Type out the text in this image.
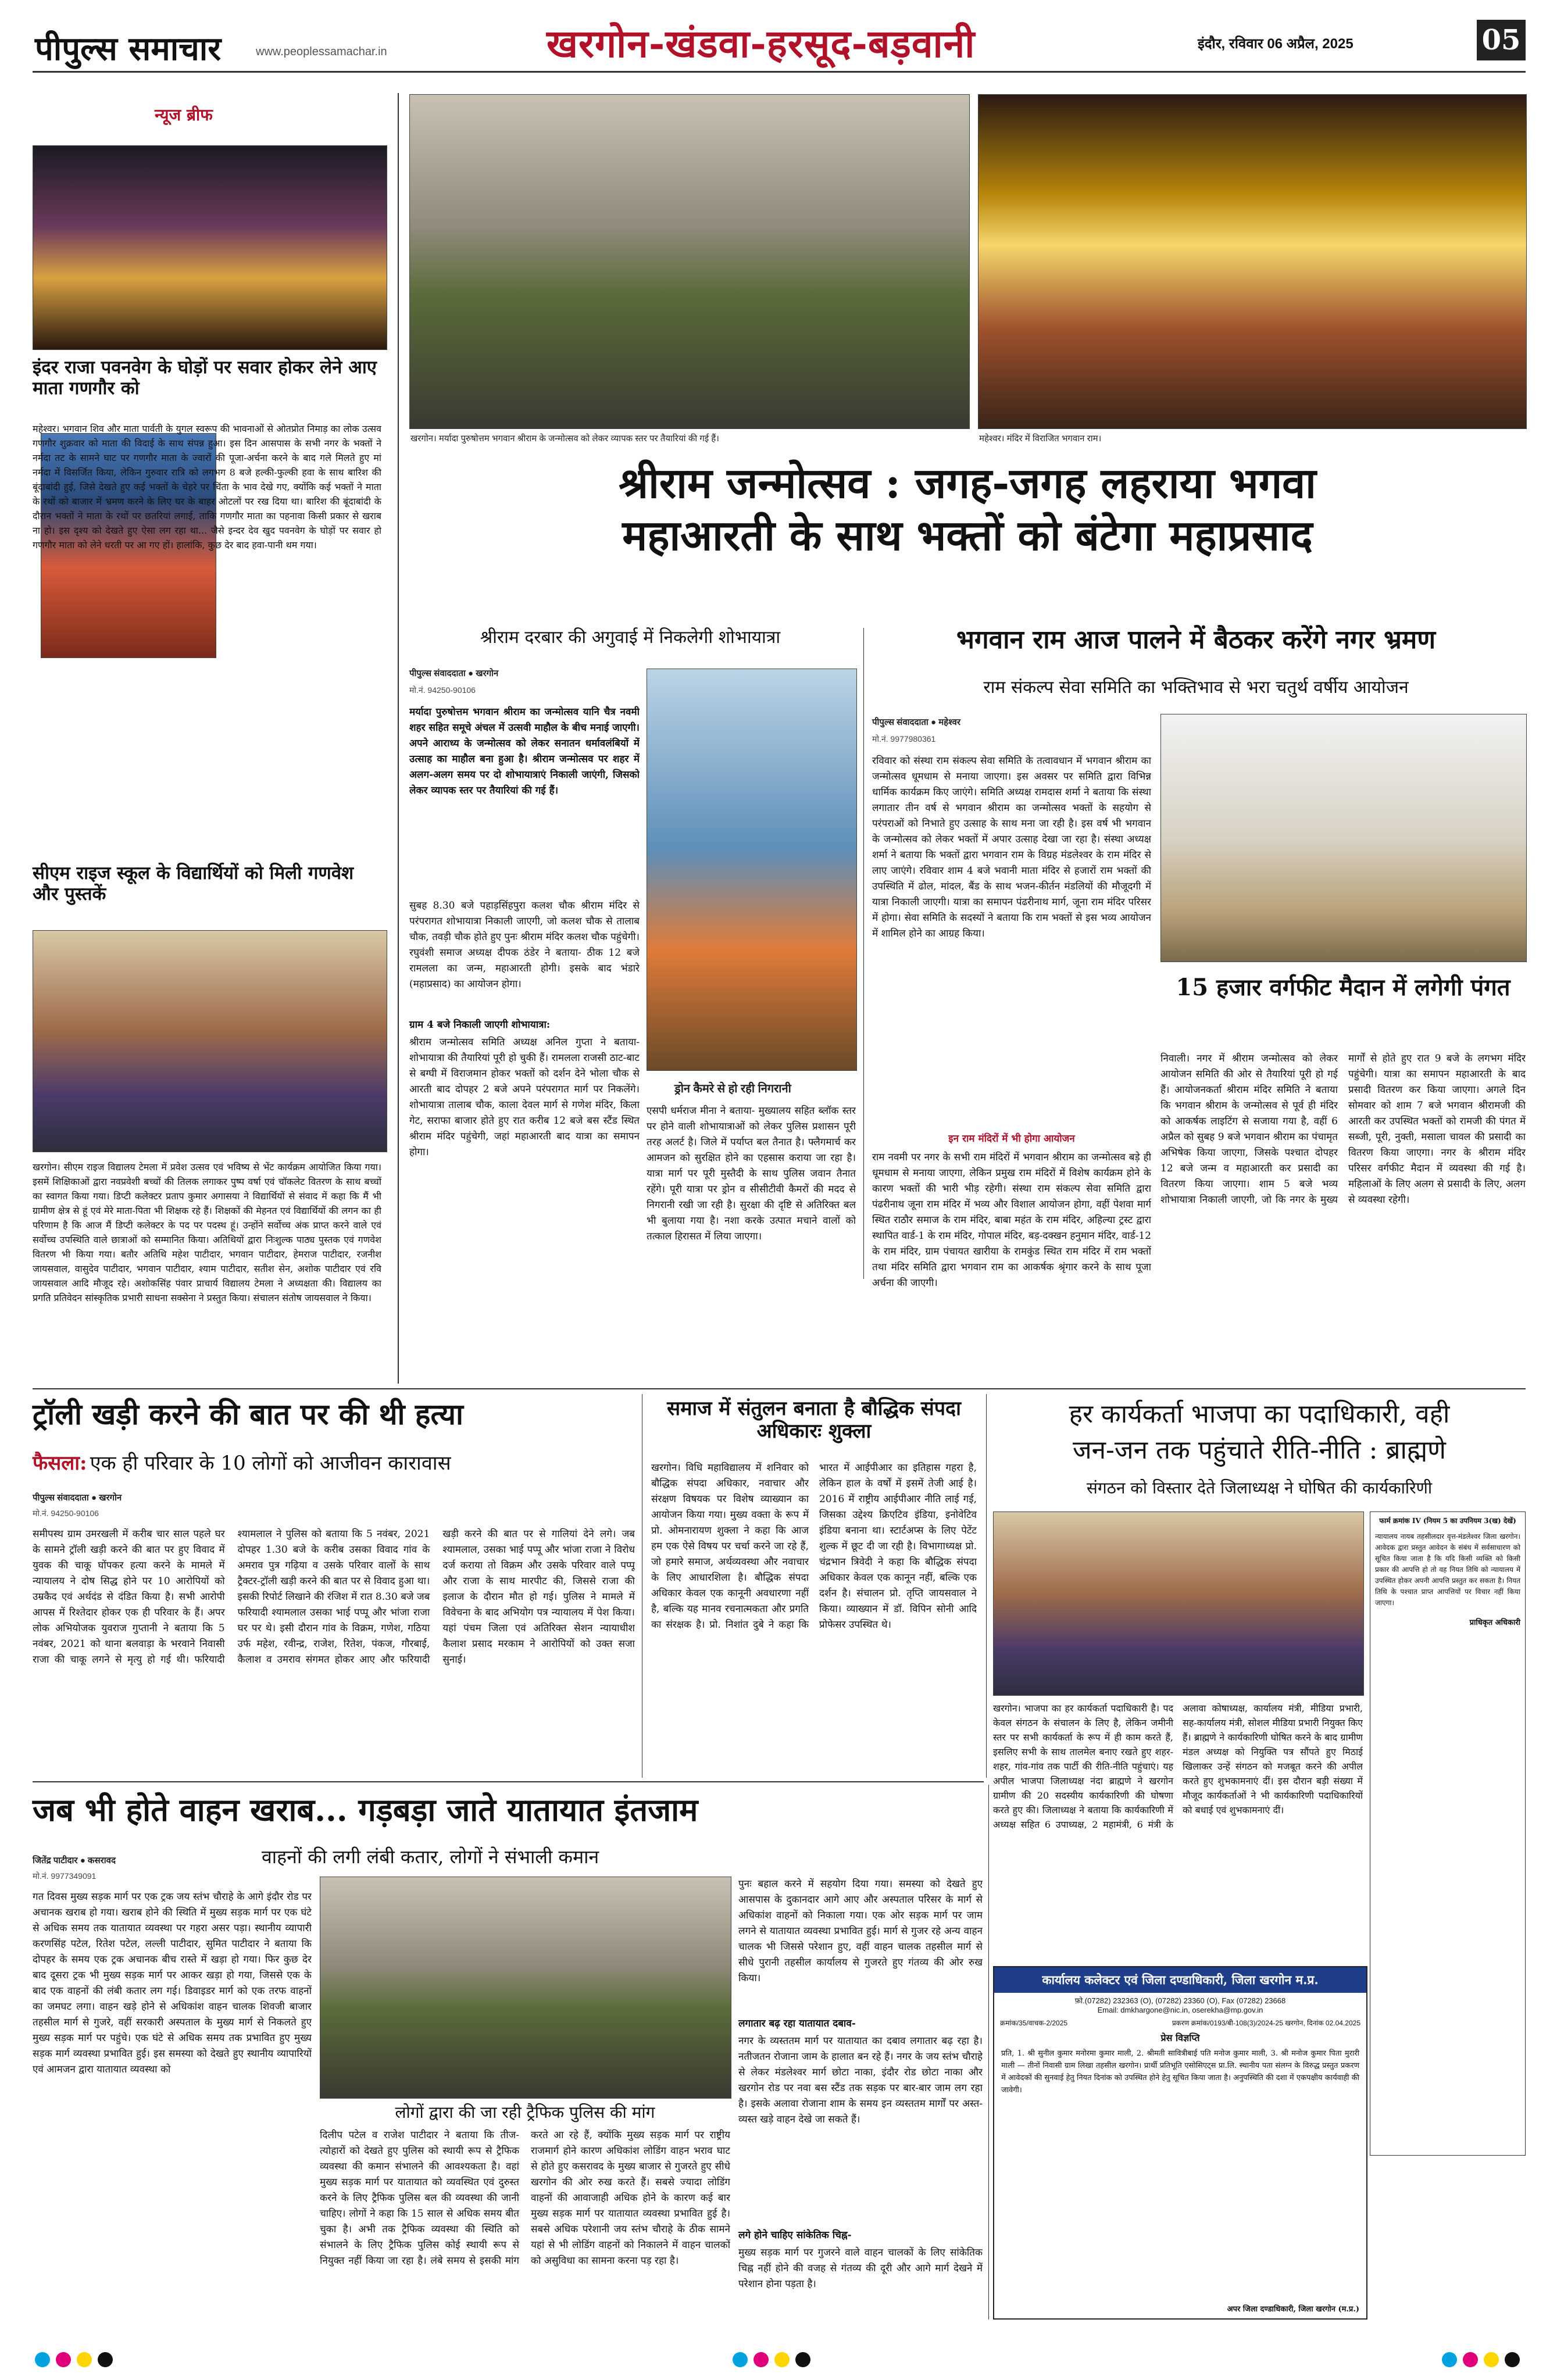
पीपुल्स समाचार	www.peoplessamachar.in	खरगोन-खंडवा-हरसूद-बड़वानी	इंदौर, रविवार 06 अप्रैल, 2025	05
न्यूज ब्रीफ
इंदर राजा पवनवेग के घोड़ों पर सवार होकर लेने आए माता गणगौर को
महेश्वर। भगवान शिव और माता पार्वती के युगल स्वरूप की भावनाओं से ओतप्रोत निमाड़ का लोक उत्सव गणगौर शुक्रवार को माता की विदाई के साथ संपन्न हुआ। इस दिन आसपास के सभी नगर के भक्तों ने नर्मदा तट के सामने घाट पर गणगौर माता के ज्वारों की पूजा-अर्चना करने के बाद गले मिलते हुए मां नर्मदा में विसर्जित किया, लेकिन गुरुवार रात्रि को लगभग 8 बजे हल्की-फुल्की हवा के साथ बारिश की बूंदाबांदी हुई, जिसे देखते हुए कई भक्तों के चेहरे पर चिंता के भाव देखे गए, क्योंकि कई भक्तों ने माता के रथों को बाजार में भ्रमण करने के लिए घर के बाहर ओटलों पर रख दिया था। बारिश की बूंदाबांदी के दौरान भक्तों ने माता के रथों पर छतरियां लगाई, ताकि गणगौर माता का पहनावा किसी प्रकार से खराब ना हो। इस दृश्य को देखते हुए ऐसा लग रहा था... जैसे इन्दर देव खुद पवनवेग के घोड़ों पर सवार हो गणगौर माता को लेने धरती पर आ गए हों। हालांकि, कुछ देर बाद हवा-पानी थम गया।
सीएम राइज स्कूल के विद्यार्थियों को मिली गणवेश और पुस्तकें
खरगोन। सीएम राइज विद्यालय टेमला में प्रवेश उत्सव एवं भविष्य से भेंट कार्यक्रम आयोजित किया गया। इसमें शिक्षिकाओं द्वारा नवप्रवेशी बच्चों की तिलक लगाकर पुष्प वर्षा एवं चॉकलेट वितरण के साथ बच्चों का स्वागत किया गया। डिप्टी कलेक्टर प्रताप कुमार अगासया ने विद्यार्थियों से संवाद में कहा कि मैं भी ग्रामीण क्षेत्र से हूं एवं मेरे माता-पिता भी शिक्षक रहे हैं। शिक्षकों की मेहनत एवं विद्यार्थियों की लगन का ही परिणाम है कि आज मैं डिप्टी कलेक्टर के पद पर पदस्थ हूं। उन्होंने सर्वोच्च अंक प्राप्त करने वाले एवं सर्वोच्च उपस्थिति वाले छात्राओं को सम्मानित किया। अतिथियों द्वारा निःशुल्क पाठ्य पुस्तक एवं गणवेश वितरण भी किया गया। बतौर अतिथि महेश पाटीदार, भगवान पाटीदार, हेमराज पाटीदार, रजनीश जायसवाल, वासुदेव पाटीदार, भगवान पाटीदार, श्याम पाटीदार, सतीश सेन, अशोक पाटीदार एवं रवि जायसवाल आदि मौजूद रहे। अशोकसिंह पंवार प्राचार्य विद्यालय टेमला ने अध्यक्षता की। विद्यालय का प्रगति प्रतिवेदन सांस्कृतिक प्रभारी साधना सक्सेना ने प्रस्तुत किया। संचालन संतोष जायसवाल ने किया।
खरगोन। मर्यादा पुरुषोत्तम भगवान श्रीराम के जन्मोत्सव को लेकर व्यापक स्तर पर तैयारियां की गई हैं।	महेश्वर। मंदिर में विराजित भगवान राम।
श्रीराम जन्मोत्सव : जगह-जगह लहराया भगवा
महाआरती के साथ भक्तों को बंटेगा महाप्रसाद
श्रीराम दरबार की अगुवाई में निकलेगी शोभायात्रा
पीपुल्स संवाददाता ● खरगोन
मो.नं. 94250-90106
मर्यादा पुरुषोत्तम भगवान श्रीराम का जन्मोत्सव यानि चैत्र नवमी शहर सहित समूचे अंचल में उत्सवी माहौल के बीच मनाई जाएगी। अपने आराध्य के जन्मोत्सव को लेकर सनातन धर्मावलंबियों में उत्साह का माहौल बना हुआ है। श्रीराम जन्मोत्सव पर शहर में अलग-अलग समय पर दो शोभायात्राएं निकाली जाएंगी, जिसको लेकर व्यापक स्तर पर तैयारियां की गई हैं।
सुबह 8.30 बजे पहाड़सिंहपुरा कलश चौक श्रीराम मंदिर से परंपरागत शोभायात्रा निकाली जाएगी, जो कलश चौक से तालाब चौक, तवड़ी चौक होते हुए पुनः श्रीराम मंदिर कलश चौक पहुंचेगी। रघुवंशी समाज अध्यक्ष दीपक ठंडेर ने बताया- ठीक 12 बजे रामलला का जन्म, महाआरती होगी। इसके बाद भंडारे (महाप्रसाद) का आयोजन होगा।
ग्राम 4 बजे निकाली जाएगी शोभायात्रा:
श्रीराम जन्मोत्सव समिति अध्यक्ष अनिल गुप्ता ने बताया- शोभायात्रा की तैयारियां पूरी हो चुकी हैं। रामलला राजसी ठाट-बाट से बग्घी में विराजमान होकर भक्तों को दर्शन देने भोला चौक से आरती बाद दोपहर 2 बजे अपने परंपरागत मार्ग पर निकलेंगे। शोभायात्रा तालाब चौक, काला देवल मार्ग से गणेश मंदिर, किला गेट, सराफा बाजार होते हुए रात करीब 12 बजे बस स्टैंड स्थित श्रीराम मंदिर पहुंचेगी, जहां महाआरती बाद यात्रा का समापन होगा।
ड्रोन कैमरे से हो रही निगरानी
एसपी धर्मराज मीना ने बताया- मुख्यालय सहित ब्लॉक स्तर पर होने वाली शोभायात्राओं को लेकर पुलिस प्रशासन पूरी तरह अलर्ट है। जिले में पर्याप्त बल तैनात है। फ्लैगमार्च कर आमजन को सुरक्षित होने का एहसास कराया जा रहा है। यात्रा मार्ग पर पूरी मुस्तैदी के साथ पुलिस जवान तैनात रहेंगे। पूरी यात्रा पर ड्रोन व सीसीटीवी कैमरों की मदद से निगरानी रखी जा रही है। सुरक्षा की दृष्टि से अतिरिक्त बल भी बुलाया गया है। नशा करके उत्पात मचाने वालों को तत्काल हिरासत में लिया जाएगा।
भगवान राम आज पालने में बैठकर करेंगे नगर भ्रमण
राम संकल्प सेवा समिति का भक्तिभाव से भरा चतुर्थ वर्षीय आयोजन
पीपुल्स संवाददाता ● महेश्वर
मो.नं. 9977980361
रविवार को संस्था राम संकल्प सेवा समिति के तत्वावधान में भगवान श्रीराम का जन्मोत्सव धूमधाम से मनाया जाएगा। इस अवसर पर समिति द्वारा विभिन्न धार्मिक कार्यक्रम किए जाएंगे। समिति अध्यक्ष रामदास शर्मा ने बताया कि संस्था लगातार तीन वर्ष से भगवान श्रीराम का जन्मोत्सव भक्तों के सहयोग से परंपराओं को निभाते हुए उत्साह के साथ मना जा रही है। इस वर्ष भी भगवान के जन्मोत्सव को लेकर भक्तों में अपार उत्साह देखा जा रहा है। संस्था अध्यक्ष शर्मा ने बताया कि भक्तों द्वारा भगवान राम के विग्रह मंडलेश्वर के राम मंदिर से लाए जाएंगे। रविवार शाम 4 बजे भवानी माता मंदिर से हजारों राम भक्तों की उपस्थिति में ढोल, मांदल, बैंड के साथ भजन-कीर्तन मंडलियों की मौजूदगी में यात्रा निकाली जाएगी। यात्रा का समापन पंढरीनाथ मार्ग, जूना राम मंदिर परिसर में होगा। सेवा समिति के सदस्यों ने बताया कि राम भक्तों से इस भव्य आयोजन में शामिल होने का आग्रह किया।
इन राम मंदिरों में भी होगा आयोजन
राम नवमी पर नगर के सभी राम मंदिरों में भगवान श्रीराम का जन्मोत्सव बड़े ही धूमधाम से मनाया जाएगा, लेकिन प्रमुख राम मंदिरों में विशेष कार्यक्रम होने के कारण भक्तों की भारी भीड़ रहेगी। संस्था राम संकल्प सेवा समिति द्वारा पंढरीनाथ जूना राम मंदिर में भव्य और विशाल आयोजन होगा, वहीं पेशवा मार्ग स्थित राठौर समाज के राम मंदिर, बाबा महंत के राम मंदिर, अहिल्या ट्रस्ट द्वारा स्थापित वार्ड-1 के राम मंदिर, गोपाल मंदिर, बड़-दक्खन हनुमान मंदिर, वार्ड-12 के राम मंदिर, ग्राम पंचायत खारीया के रामकुंड स्थित राम मंदिर में राम भक्तों तथा मंदिर समिति द्वारा भगवान राम का आकर्षक श्रृंगार करने के साथ पूजा अर्चना की जाएगी।
15 हजार वर्गफीट मैदान में लगेगी पंगत
निवाली। नगर में श्रीराम जन्मोत्सव को लेकर आयोजन समिति की ओर से तैयारियां पूरी हो गई हैं। आयोजनकर्ता श्रीराम मंदिर समिति ने बताया कि भगवान श्रीराम के जन्मोत्सव से पूर्व ही मंदिर को आकर्षक लाइटिंग से सजाया गया है, वहीं 6 अप्रैल को सुबह 9 बजे भगवान श्रीराम का पंचामृत अभिषेक किया जाएगा, जिसके पश्चात दोपहर 12 बजे जन्म व महाआरती कर प्रसादी का वितरण किया जाएगा। शाम 5 बजे भव्य शोभायात्रा निकाली जाएगी, जो कि नगर के मुख्य मार्गों से होते हुए रात 9 बजे के लगभग मंदिर पहुंचेगी। यात्रा का समापन महाआरती के बाद प्रसादी वितरण कर किया जाएगा। अगले दिन सोमवार को शाम 7 बजे भगवान श्रीरामजी की आरती कर उपस्थित भक्तों को रामजी की पंगत में सब्जी, पूरी, नुक्ती, मसाला चावल की प्रसादी का वितरण किया जाएगा। नगर के श्रीराम मंदिर परिसर वर्गफीट मैदान में व्यवस्था की गई है। महिलाओं के लिए अलग से प्रसादी के लिए, अलग से व्यवस्था रहेगी।
ट्रॉली खड़ी करने की बात पर की थी हत्या
फैसला: एक ही परिवार के 10 लोगों को आजीवन कारावास
पीपुल्स संवाददाता ● खरगोन
मो.नं. 94250-90106
समीपस्थ ग्राम उमरखली में करीब चार साल पहले घर के सामने ट्रॉली खड़ी करने की बात पर हुए विवाद में युवक की चाकू घोंपकर हत्या करने के मामले में न्यायालय ने दोष सिद्ध होने पर 10 आरोपियों को उम्रकैद एवं अर्थदंड से दंडित किया है। सभी आरोपी आपस में रिश्तेदार होकर एक ही परिवार के हैं। अपर लोक अभियोजक युवराज गुप्तानी ने बताया कि 5 नवंबर, 2021 को थाना बलवाड़ा के भरवाने निवासी राजा की चाकू लगने से मृत्यु हो गई थी। फरियादी श्यामलाल ने पुलिस को बताया कि 5 नवंबर, 2021 दोपहर 1.30 बजे के करीब उसका विवाद गांव के अमराव पुत्र गढ़िया व उसके परिवार वालों के साथ ट्रैक्टर-ट्रॉली खड़ी करने की बात पर से विवाद हुआ था। इसकी रिपोर्ट लिखाने की रंजिश में रात 8.30 बजे जब फरियादी श्यामलाल उसका भाई पप्पू और भांजा राजा घर पर थे। इसी दौरान गांव के विक्रम, गणेश, गठिया उर्फ महेश, रवीन्द्र, राजेश, रितेश, पंकज, गौरबाई, कैलाश व उमराव संगमत होकर आए और फरियादी खड़ी करने की बात पर से गालियां देने लगे। जब श्यामलाल, उसका भाई पप्पू और भांजा राजा ने विरोध दर्ज कराया तो विक्रम और उसके परिवार वाले पप्पू और राजा के साथ मारपीट की, जिससे राजा की इलाज के दौरान मौत हो गई। पुलिस ने मामले में विवेचना के बाद अभियोग पत्र न्यायालय में पेश किया। यहां पंचम जिला एवं अतिरिक्त सेशन न्यायाधीश कैलाश प्रसाद मरकाम ने आरोपियों को उक्त सजा सुनाई।
समाज में संतुलन बनाता है बौद्धिक संपदा अधिकारः शुक्ला
खरगोन। विधि महाविद्यालय में शनिवार को बौद्धिक संपदा अधिकार, नवाचार और संरक्षण विषयक पर विशेष व्याख्यान का आयोजन किया गया। मुख्य वक्ता के रूप में प्रो. ओमनारायण शुक्ला ने कहा कि आज हम एक ऐसे विषय पर चर्चा करने जा रहे हैं, जो हमारे समाज, अर्थव्यवस्था और नवाचार के लिए आधारशिला है। बौद्धिक संपदा अधिकार केवल एक कानूनी अवधारणा नहीं है, बल्कि यह मानव रचनात्मकता और प्रगति का संरक्षक है। प्रो. निशांत दुबे ने कहा कि भारत में आईपीआर का इतिहास गहरा है, लेकिन हाल के वर्षों में इसमें तेजी आई है। 2016 में राष्ट्रीय आईपीआर नीति लाई गई, जिसका उद्देश्य क्रिएटिव इंडिया, इनोवेटिव इंडिया बनाना था। स्टार्टअप्स के लिए पेटेंट शुल्क में छूट दी जा रही है। विभागाध्यक्ष प्रो. चंद्रभान त्रिवेदी ने कहा कि बौद्धिक संपदा अधिकार केवल एक कानून नहीं, बल्कि एक दर्शन है। संचालन प्रो. तृप्ति जायसवाल ने किया। व्याख्यान में डॉ. विपिन सोनी आदि प्रोफेसर उपस्थित थे।
हर कार्यकर्ता भाजपा का पदाधिकारी, वही
जन-जन तक पहुंचाते रीति-नीति : ब्राह्मणे
संगठन को विस्तार देते जिलाध्यक्ष ने घोषित की कार्यकारिणी
खरगोन। भाजपा का हर कार्यकर्ता पदाधिकारी है। पद केवल संगठन के संचालन के लिए है, लेकिन जमीनी स्तर पर सभी कार्यकर्ता के रूप में ही काम करते हैं, इसलिए सभी के साथ तालमेल बनाए रखते हुए शहर-शहर, गांव-गांव तक पार्टी की रीति-नीति पहुंचाएं। यह अपील भाजपा जिलाध्यक्ष नंदा ब्राह्मणे ने खरगोन ग्रामीण की 20 सदस्यीय कार्यकारिणी की घोषणा करते हुए की। जिलाध्यक्ष ने बताया कि कार्यकारिणी में अध्यक्ष सहित 6 उपाध्यक्ष, 2 महामंत्री, 6 मंत्री के अलावा कोषाध्यक्ष, कार्यालय मंत्री, मीडिया प्रभारी, सह-कार्यालय मंत्री, सोशल मीडिया प्रभारी नियुक्त किए हैं। ब्राह्मणे ने कार्यकारिणी घोषित करने के बाद ग्रामीण मंडल अध्यक्ष को नियुक्ति पत्र सौंपते हुए मिठाई खिलाकर उन्हें संगठन को मजबूत करने की अपील करते हुए शुभकामनाएं दीं। इस दौरान बड़ी संख्या में मौजूद कार्यकर्ताओं ने भी कार्यकारिणी पदाधिकारियों को बधाई एवं शुभकामनाएं दीं।
फार्म क्रमांक IV (नियम 5 का उपनियम 3(ख) देखें)
न्यायालय नायब तहसीलदार वृत्त-मंडलेश्वर जिला खरगोन। आवेदक द्वारा प्रस्तुत आवेदन के संबंध में सर्वसाधारण को सूचित किया जाता है कि यदि किसी व्यक्ति को किसी प्रकार की आपत्ति हो तो वह नियत तिथि को न्यायालय में उपस्थित होकर अपनी आपत्ति प्रस्तुत कर सकता है। नियत तिथि के पश्चात प्राप्त आपत्तियों पर विचार नहीं किया जाएगा।
प्राधिकृत अधिकारी
जब भी होते वाहन खराब... गड़बड़ा जाते यातायात इंतजाम
वाहनों की लगी लंबी कतार, लोगों ने संभाली कमान
जितेंद्र पाटीदार ● कसरावद
मो.नं. 9977349091
गत दिवस मुख्य सड़क मार्ग पर एक ट्रक जय स्तंभ चौराहे के आगे इंदौर रोड पर अचानक खराब हो गया। खराब होने की स्थिति में मुख्य सड़क मार्ग पर एक घंटे से अधिक समय तक यातायात व्यवस्था पर गहरा असर पड़ा। स्थानीय व्यापारी करणसिंह पटेल, रितेश पटेल, लल्ली पाटीदार, सुमित पाटीदार ने बताया कि दोपहर के समय एक ट्रक अचानक बीच रास्ते में खड़ा हो गया। फिर कुछ देर बाद दूसरा ट्रक भी मुख्य सड़क मार्ग पर आकर खड़ा हो गया, जिससे एक के बाद एक वाहनों की लंबी कतार लग गई। डिवाइडर मार्ग को एक तरफ वाहनों का जमघट लगा। वाहन खड़े होने से अधिकांश वाहन चालक शिवजी बाजार तहसील मार्ग से गुजरे, वहीं सरकारी अस्पताल के मुख्य मार्ग से निकलते हुए मुख्य सड़क मार्ग पर पहुंचे। एक घंटे से अधिक समय तक प्रभावित हुए मुख्य सड़क मार्ग व्यवस्था प्रभावित हुई। इस समस्या को देखते हुए स्थानीय व्यापारियों एवं आमजन द्वारा यातायात व्यवस्था को
लोगों द्वारा की जा रही ट्रैफिक पुलिस की मांग
दिलीप पटेल व राजेश पाटीदार ने बताया कि तीज-त्योहारों को देखते हुए पुलिस को स्थायी रूप से ट्रैफिक व्यवस्था की कमान संभालने की आवश्यकता है। वहां मुख्य सड़क मार्ग पर यातायात को व्यवस्थित एवं दुरुस्त करने के लिए ट्रैफिक पुलिस बल की व्यवस्था की जानी चाहिए। लोगों ने कहा कि 15 साल से अधिक समय बीत चुका है। अभी तक ट्रैफिक व्यवस्था की स्थिति को संभालने के लिए ट्रैफिक पुलिस कोई स्थायी रूप से नियुक्त नहीं किया जा रहा है। लंबे समय से इसकी मांग करते आ रहे हैं, क्योंकि मुख्य सड़क मार्ग पर राष्ट्रीय राजमार्ग होने कारण अधिकांश लोडिंग वाहन भराव घाट से होते हुए कसरावद के मुख्य बाजार से गुजरते हुए सीधे खरगोन की ओर रुख करते हैं। सबसे ज्यादा लोडिंग वाहनों की आवाजाही अधिक होने के कारण कई बार मुख्य सड़क मार्ग पर यातायात व्यवस्था प्रभावित हुई है। सबसे अधिक परेशानी जय स्तंभ चौराहे के ठीक सामने यहां से भी लोडिंग वाहनों को निकालने में वाहन चालकों को असुविधा का सामना करना पड़ रहा है।
पुनः बहाल करने में सहयोग दिया गया। समस्या को देखते हुए आसपास के दुकानदार आगे आए और अस्पताल परिसर के मार्ग से अधिकांश वाहनों को निकाला गया। एक ओर सड़क मार्ग पर जाम लगने से यातायात व्यवस्था प्रभावित हुई। मार्ग से गुजर रहे अन्य वाहन चालक भी जिससे परेशान हुए, वहीं वाहन चालक तहसील मार्ग से सीधे पुरानी तहसील कार्यालय से गुजरते हुए गंतव्य की ओर रुख किया।
लगातार बढ़ रहा यातायात दबाव-
नगर के व्यस्ततम मार्ग पर यातायात का दबाव लगातार बढ़ रहा है। नतीजतन रोजाना जाम के हालात बन रहे हैं। नगर के जय स्तंभ चौराहे से लेकर मंडलेश्वर मार्ग छोटा नाका, इंदौर रोड छोटा नाका और खरगोन रोड पर नवा बस स्टैंड तक सड़क पर बार-बार जाम लग रहा है। इसके अलावा रोजाना शाम के समय इन व्यस्ततम मार्गों पर अस्त-व्यस्त खड़े वाहन देखे जा सकते हैं।
लगे होने चाहिए सांकेतिक चिह्न-
मुख्य सड़क मार्ग पर गुजरने वाले वाहन चालकों के लिए सांकेतिक चिह्न नहीं होने की वजह से गंतव्य की दूरी और आगे मार्ग देखने में परेशान होना पड़ता है।
कार्यालय कलेक्टर एवं जिला दण्डाधिकारी, जिला खरगोन म.प्र.
फ़ो.(07282) 232363 (O), (07282) 23360 (O), Fax (07282) 23668
Email: dmkhargone@nic.in, oserekha@mp.gov.in
क्रमांक/35/वाचक-2/2025	प्रकरण क्रमांक/0193/बी-108(3)/2024-25 खरगोन, दिनांक 02.04.2025
प्रेस विज्ञप्ति
प्रति, 1. श्री सुनील कुमार मनोरमा कुमार माली, 2. श्रीमती सावित्रीबाई पति मनोज कुमार माली, 3. श्री मनोज कुमार पिता मुरारी माली — तीनों निवासी ग्राम लिखा तहसील खरगोन। प्रार्थी प्रतिभूति एसोसिएट्स प्रा.लि. स्थानीय पता संलग्न के विरुद्ध प्रस्तुत प्रकरण में आवेदकों की सुनवाई हेतु नियत दिनांक को उपस्थित होने हेतु सूचित किया जाता है। अनुपस्थिति की दशा में एकपक्षीय कार्यवाही की जावेगी।
अपर जिला दण्डाधिकारी, जिला खरगोन (म.प्र.)
